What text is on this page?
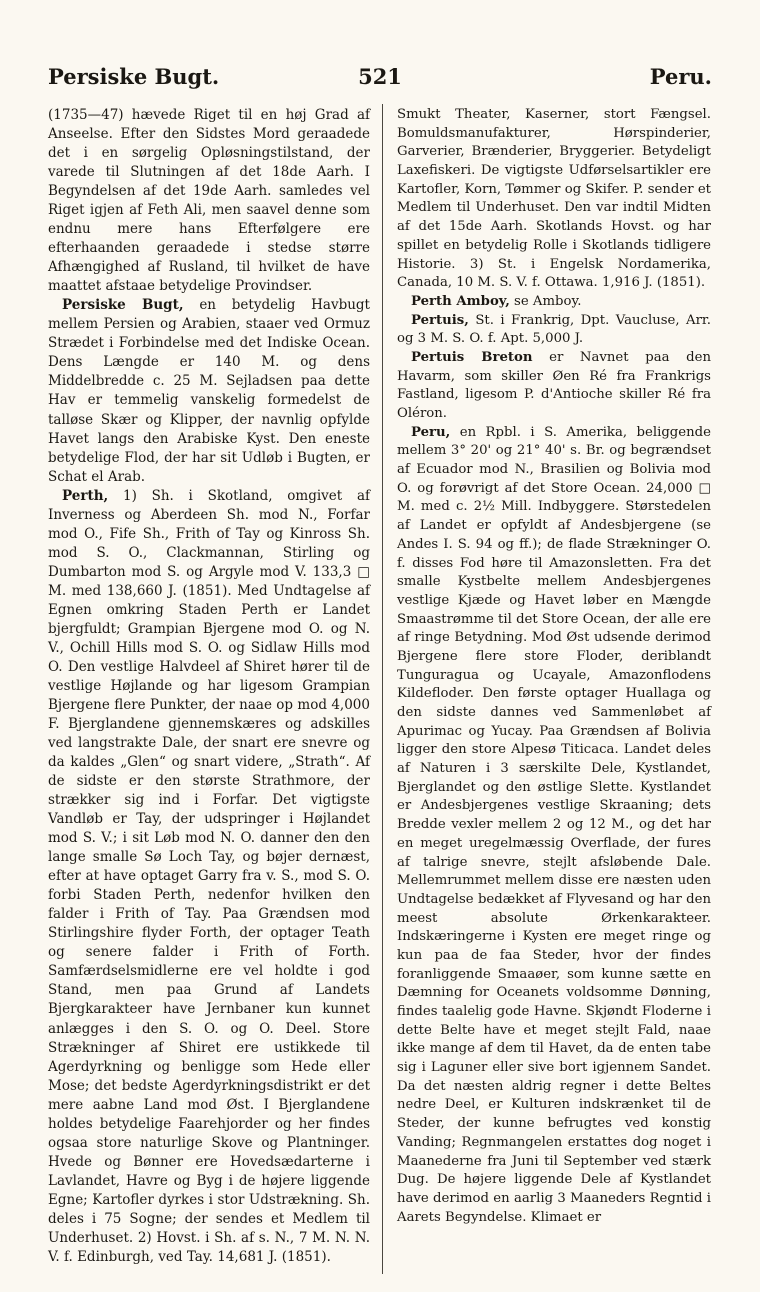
521
Persiske Bugt.	Peru.

(1735—47) hævede Riget til en høj Grad af Anseelse. Efter den Sidstes Mord geraadede det i en sørgelig Opløsningstilstand, der varede til Slutningen af det 18de Aarh. I Begyndelsen af det 19de Aarh. samledes vel Riget igjen af Feth Ali, men saavel denne som endnu mere hans Efterfølgere ere efterhaanden geraadede i stedse større Afhængighed af Rusland, til hvilket de have maattet afstaae betydelige Provindser.

Persiske Bugt, en betydelig Havbugt mellem Persien og Arabien, staaer ved Ormuz Strædet i Forbindelse med det Indiske Ocean. Dens Længde er 140 M. og dens Middelbredde c. 25 M. Sejladsen paa dette Hav er temmelig vanskelig formedelst de talløse Skær og Klipper, der navnlig opfylde Havet langs den Arabiske Kyst. Den eneste betydelige Flod, der har sit Udløb i Bugten, er Schat el Arab.

Perth, 1) Sh. i Skotland, omgivet af Inverness og Aberdeen Sh. mod N., Forfar mod O., Fife Sh., Frith of Tay og Kinross Sh. mod S. O., Clackmannan, Stirling og Dumbarton mod S. og Argyle mod V. 133,3 □ M. med 138,660 J. (1851). Med Undtagelse af Egnen omkring Staden Perth er Landet bjergfuldt; Grampian Bjergene mod O. og N. V., Ochill Hills mod S. O. og Sidlaw Hills mod O. Den vestlige Halvdeel af Shiret hører til de vestlige Højlande og har ligesom Grampian Bjergene flere Punkter, der naae op mod 4,000 F. Bjerglandene gjennemskæres og adskilles ved langstrakte Dale, der snart ere snevre og da kaldes „Glen“ og snart videre, „Strath“. Af de sidste er den største Strathmore, der strækker sig ind i Forfar. Det vigtigste Vandløb er Tay, der udspringer i Højlandet mod S. V.; i sit Løb mod N. O. danner den den lange smalle Sø Loch Tay, og bøjer dernæst, efter at have optaget Garry fra v. S., mod S. O. forbi Staden Perth, nedenfor hvilken den falder i Frith of Tay. Paa Grændsen mod Stirlingshire flyder Forth, der optager Teath og senere falder i Frith of Forth. Samfærdselsmidlerne ere vel holdte i god Stand, men paa Grund af Landets Bjergkarakteer have Jernbaner kun kunnet anlægges i den S. O. og O. Deel. Store Strækninger af Shiret ere ustikkede til Agerdyrkning og benligge som Hede eller Mose; det bedste Agerdyrkningsdistrikt er det mere aabne Land mod Øst. I Bjerglandene holdes betydelige Faarehjorder og her findes ogsaa store naturlige Skove og Plantninger. Hvede og Bønner ere Hovedsædarterne i Lavlandet, Havre og Byg i de højere liggende Egne; Kartofler dyrkes i stor Udstrækning. Sh. deles i 75 Sogne; der sendes et Medlem til Underhuset. 2) Hovst. i Sh. af s. N., 7 M. N. N. V. f. Edinburgh, ved Tay. 14,681 J. (1851).

Smukt Theater, Kaserner, stort Fængsel. Bomuldsmanufakturer, Hørspinderier, Garverier, Brænderier, Bryggerier. Betydeligt Laxefiskeri. De vigtigste Udførselsartikler ere Kartofler, Korn, Tømmer og Skifer. P. sender et Medlem til Underhuset. Den var indtil Midten af det 15de Aarh. Skotlands Hovst. og har spillet en betydelig Rolle i Skotlands tidligere Historie. 3) St. i Engelsk Nordamerika, Canada, 10 M. S. V. f. Ottawa. 1,916 J. (1851).

Perth Amboy, se Amboy.

Pertuis, St. i Frankrig, Dpt. Vaucluse, Arr. og 3 M. S. O. f. Apt. 5,000 J.

Pertuis Breton er Navnet paa den Havarm, som skiller Øen Ré fra Frankrigs Fastland, ligesom P. d'Antioche skiller Ré fra Oléron.

Peru, en Rpbl. i S. Amerika, beliggende mellem 3° 20' og 21° 40' s. Br. og begrændset af Ecuador mod N., Brasilien og Bolivia mod O. og forøvrigt af det Store Ocean. 24,000 □ M. med c. 2½ Mill. Indbyggere. Størstedelen af Landet er opfyldt af Andesbjergene (se Andes I. S. 94 og ff.); de flade Strækninger O. f. disses Fod høre til Amazonsletten. Fra det smalle Kystbelte mellem Andesbjergenes vestlige Kjæde og Havet løber en Mængde Smaastrømme til det Store Ocean, der alle ere af ringe Betydning. Mod Øst udsende derimod Bjergene flere store Floder, deriblandt Tunguragua og Ucayale, Amazonflodens Kildefloder. Den første optager Huallaga og den sidste dannes ved Sammenløbet af Apurimac og Yucay. Paa Grændsen af Bolivia ligger den store Alpesø Titicaca. Landet deles af Naturen i 3 særskilte Dele, Kystlandet, Bjerglandet og den østlige Slette. Kystlandet er Andesbjergenes vestlige Skraaning; dets Bredde vexler mellem 2 og 12 M., og det har en meget uregelmæssig Overflade, der fures af talrige snevre, stejlt afsløbende Dale. Mellemrummet mellem disse ere næsten uden Undtagelse bedækket af Flyvesand og har den meest absolute Ørkenkarakteer. Indskæringerne i Kysten ere meget ringe og kun paa de faa Steder, hvor der findes foranliggende Smaaøer, som kunne sætte en Dæmning for Oceanets voldsomme Dønning, findes taalelig gode Havne. Skjøndt Floderne i dette Belte have et meget stejlt Fald, naae ikke mange af dem til Havet, da de enten tabe sig i Laguner eller sive bort igjennem Sandet. Da det næsten aldrig regner i dette Beltes nedre Deel, er Kulturen indskrænket til de Steder, der kunne befrugtes ved konstig Vanding; Regnmangelen erstattes dog noget i Maanederne fra Juni til September ved stærk Dug. De højere liggende Dele af Kystlandet have derimod en aarlig 3 Maaneders Regntid i Aarets Begyndelse. Klimaet er
